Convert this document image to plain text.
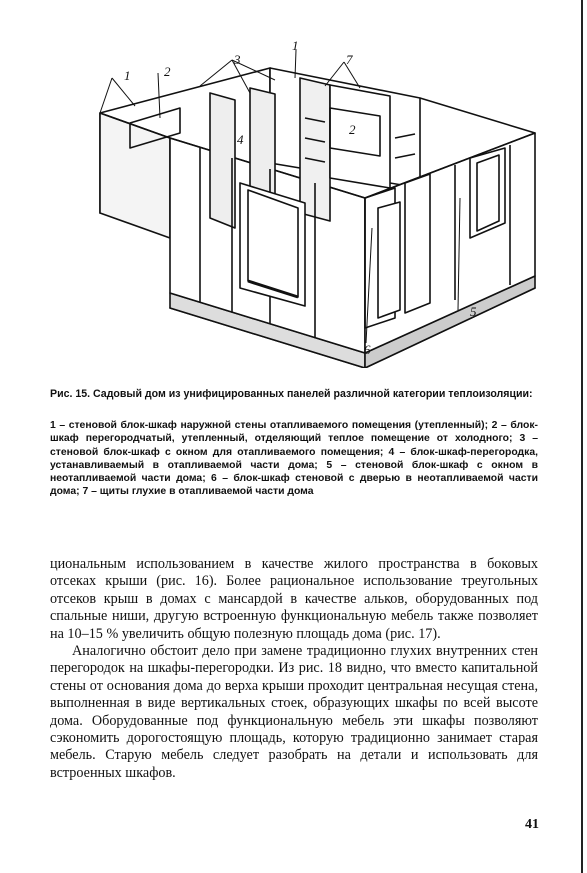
1	2
3	7
1
4
2
5
6
Рис. 15. Садовый дом из унифицированных панелей различной категории теплоизоляции:
1 – стеновой блок-шкаф наружной стены отапливаемого помещения (утепленный); 2 – блок-шкаф перегородчатый, утепленный, отделяющий теплое помещение от холодного; 3 – стеновой блок-шкаф с окном для отапливаемого помещения; 4 – блок-шкаф-перегородка, устанавливаемый в отапливаемой части дома; 5 – стеновой блок-шкаф с окном в неотапливаемой части дома; 6 – блок-шкаф стеновой с дверью в неотапливаемой части дома; 7 – щиты глухие в отапливаемой части дома

циональным использованием в качестве жилого пространства в боковых отсеках крыши (рис. 16). Более рациональное использование треугольных отсеков крыш в домах с мансардой в качестве альков, оборудованных под спальные ниши, другую встроенную функциональную мебель также позволяет на 10–15 % увеличить общую полезную площадь дома (рис. 17).

Аналогично обстоит дело при замене традиционно глухих внутренних стен перегородок на шкафы-перегородки. Из рис. 18 видно, что вместо капитальной стены от основания дома до верха крыши проходит центральная несущая стена, выполненная в виде вертикальных стоек, образующих шкафы по всей высоте дома. Оборудованные под функциональную мебель эти шкафы позволяют сэкономить дорогостоящую площадь, которую традиционно занимает старая мебель. Старую мебель следует разобрать на детали и использовать для встроенных шкафов.

41
